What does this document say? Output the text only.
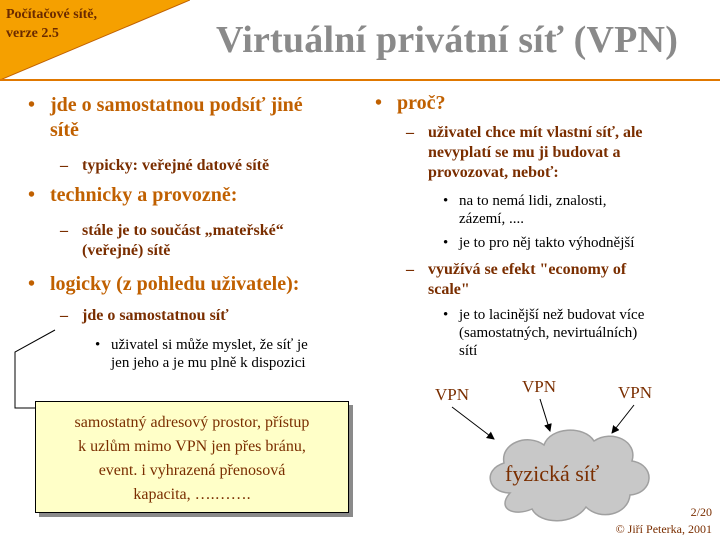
Počítačové sítě,
verze 2.5	Virtuální privátní síť (VPN)
• jde o samostatnou podsíť jiné
sítě
– typicky: veřejné datové sítě
• technicky a provozně:
– stále je to součást „mateřské“
(veřejné) sítě
• logicky (z pohledu uživatele):
– jde o samostatnou síť
• uživatel si může myslet, že síť je
jen jeho a je mu plně k dispozici
samostatný adresový prostor, přístup
k uzlům mimo VPN jen přes bránu,
event. i vyhrazená přenosová
kapacita, ….…….
• proč?
– uživatel chce mít vlastní síť, ale
nevyplatí se mu ji budovat a
provozovat, neboť:
• na to nemá lidi, znalosti,
zázemí, ....
• je to pro něj takto výhodnější
– využívá se efekt "economy of
scale"
• je to lacinější než budovat více
(samostatných, nevirtuálních)
sítí
VPN	VPN	VPN
fyzická síť
2/20
© Jiří Peterka, 2001
